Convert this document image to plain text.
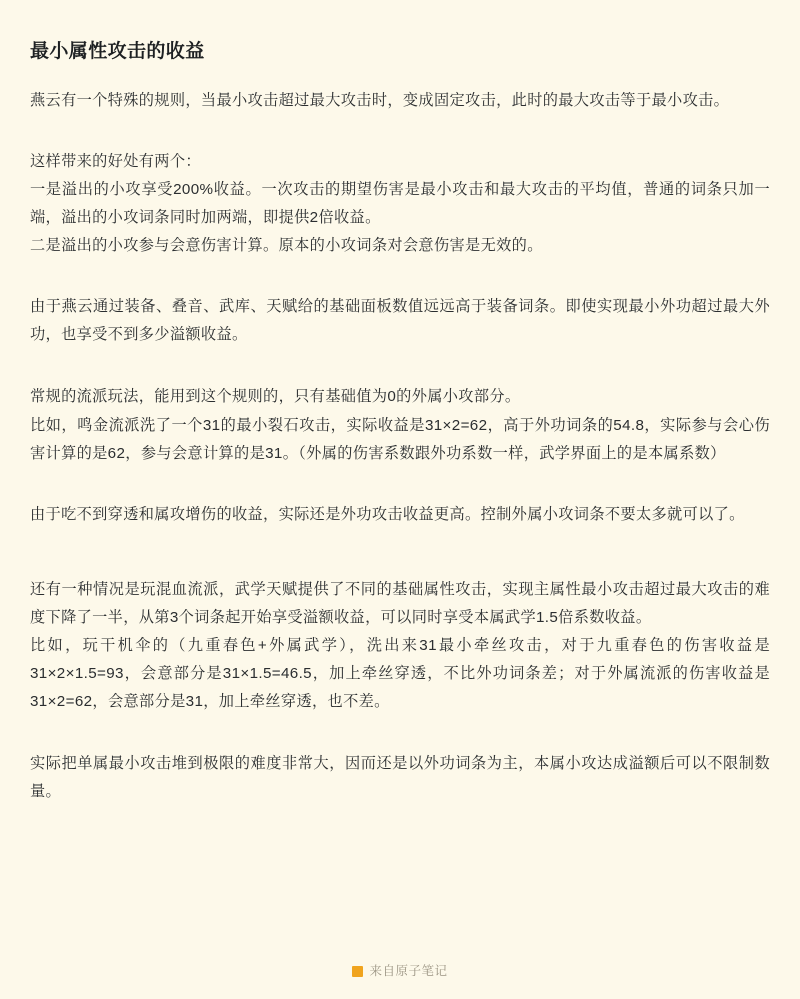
最小属性攻击的收益

燕云有一个特殊的规则，当最小攻击超过最大攻击时，变成固定攻击，此时的最大攻击等于最小攻击。

这样带来的好处有两个：

一是溢出的小攻享受200%收益。一次攻击的期望伤害是最小攻击和最大攻击的平均值，普通的词条只加一端，溢出的小攻词条同时加两端，即提供2倍收益。

二是溢出的小攻参与会意伤害计算。原本的小攻词条对会意伤害是无效的。

由于燕云通过装备、叠音、武库、天赋给的基础面板数值远远高于装备词条。即使实现最小外功超过最大外功，也享受不到多少溢额收益。

常规的流派玩法，能用到这个规则的，只有基础值为0的外属小攻部分。

比如，鸣金流派洗了一个31的最小裂石攻击，实际收益是31×2=62，高于外功词条的54.8，实际参与会心伤害计算的是62，参与会意计算的是31。（外属的伤害系数跟外功系数一样，武学界面上的是本属系数）

由于吃不到穿透和属攻增伤的收益，实际还是外功攻击收益更高。控制外属小攻词条不要太多就可以了。

还有一种情况是玩混血流派，武学天赋提供了不同的基础属性攻击，实现主属性最小攻击超过最大攻击的难度下降了一半，从第3个词条起开始享受溢额收益，可以同时享受本属武学1.5倍系数收益。

比如，玩干机伞的（九重春色+外属武学），洗出来31最小牵丝攻击，对于九重春色的伤害收益是31×2×1.5=93，会意部分是31×1.5=46.5，加上牵丝穿透，不比外功词条差；对于外属流派的伤害收益是31×2=62，会意部分是31，加上牵丝穿透，也不差。

实际把单属最小攻击堆到极限的难度非常大，因而还是以外功词条为主，本属小攻达成溢额后可以不限制数量。

来自原子笔记
